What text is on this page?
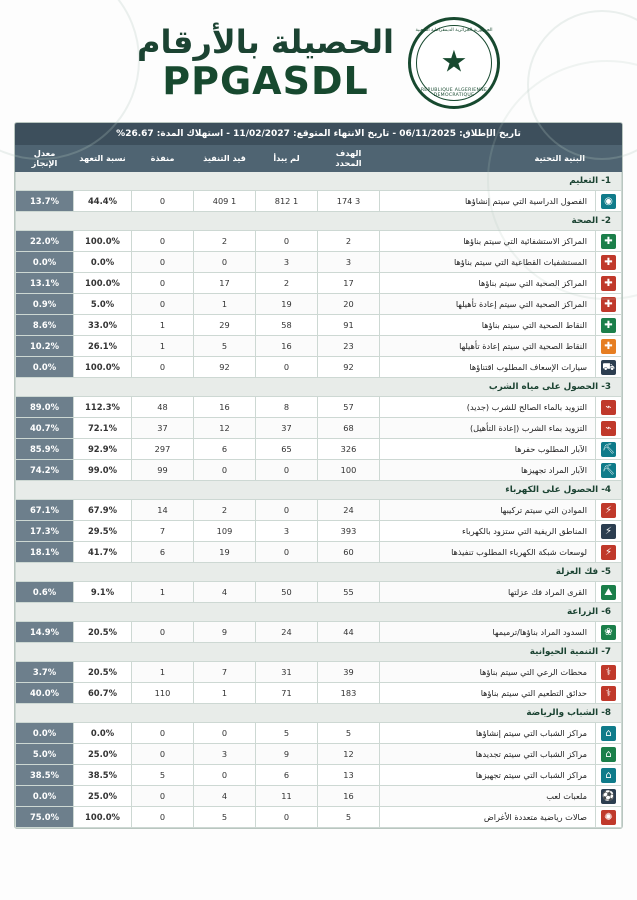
الحصيلة بالأرقام
PPGASDL
الجمهورية الجزائرية الديمقراطية الشعبية
★
REPUBLIQUE ALGERIENNE DEMOCRATIQUE
تاريخ الإطلاق: 06/11/2025 - تاريخ الانتهاء المتوقع: 11/02/2027 - استهلاك المدة: 26.67%							
	البنية التحتية	الهدف المحدد	لم يبدأ	قيد التنفيذ	منفذة	نسبة التعهد	معدل الإنجاز
1- التعليم							
◉	الفصول الدراسية التي سيتم إنشاؤها	3 174	1 812	1 409	0	44.4%	13.7%
2- الصحة							
✚	المراكز الاستشفائية التي سيتم بناؤها	2	0	2	0	100.0%	22.0%
✚	المستشفيات القطاعية التي سيتم بناؤها	3	3	0	0	0.0%	0.0%
✚	المراكز الصحية التي سيتم بناؤها	17	2	17	0	100.0%	13.1%
✚	المراكز الصحية التي سيتم إعادة تأهيلها	20	19	1	0	5.0%	0.9%
✚	النقاط الصحية التي سيتم بناؤها	91	58	29	1	33.0%	8.6%
✚	النقاط الصحية التي سيتم إعادة تأهيلها	23	16	5	1	26.1%	10.2%
⛟	سيارات الإسعاف المطلوب اقتناؤها	92	0	92	0	100.0%	0.0%
3- الحصول على مياه الشرب							
⌁	التزويد بالماء الصالح للشرب (جديد)	57	8	16	48	112.3%	89.0%
⌁	التزويد بماء الشرب (إعادة التأهيل)	68	37	12	37	72.1%	40.7%
⛏	الآبار المطلوب حفرها	326	65	6	297	92.9%	85.9%
⛏	الآبار المراد تجهيزها	100	0	0	99	99.0%	74.2%
4- الحصول على الكهرباء							
⚡	الموادن التي سيتم تركيبها	24	0	2	14	67.9%	67.1%
⚡	المناطق الريفية التي ستزود بالكهرباء	393	3	109	7	29.5%	17.3%
⚡	لوسعات شبكة الكهرباء المطلوب تنفيذها	60	0	19	6	41.7%	18.1%
5- فك العزلة							
⛰	القرى المراد فك عزلتها	55	50	4	1	9.1%	0.6%
6- الزراعة							
❀	السدود المراد بناؤها/ترميمها	44	24	9	0	20.5%	14.9%
7- التنمية الحيوانية							
⚕	محطات الرعي التي سيتم بناؤها	39	31	7	1	20.5%	3.7%
⚕	حدائق التطعيم التي سيتم بناؤها	183	71	1	110	60.7%	40.0%
8- الشباب والرياضة							
⌂	مراكز الشباب التي سيتم إنشاؤها	5	5	0	0	0.0%	0.0%
⌂	مراكز الشباب التي سيتم تجديدها	12	9	3	0	25.0%	5.0%
⌂	مراكز الشباب التي سيتم تجهيزها	13	6	0	5	38.5%	38.5%
⚽	ملعبات لعب	16	11	4	0	25.0%	0.0%
✺	صالات رياضية متعددة الأغراض	5	0	5	0	100.0%	75.0%
